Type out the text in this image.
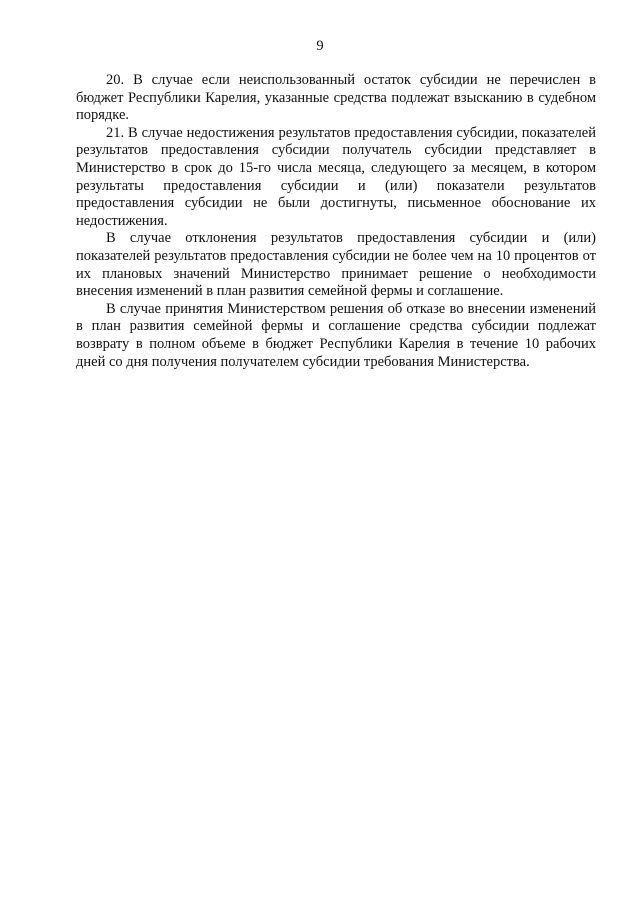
9

20. В случае если неиспользованный остаток субсидии не перечислен в бюджет Республики Карелия, указанные средства подлежат взысканию в судебном порядке.

21. В случае недостижения результатов предоставления субсидии, показателей результатов предоставления субсидии получатель субсидии представляет в Министерство в срок до 15-го числа месяца, следующего за месяцем, в котором результаты предоставления субсидии и (или) показатели результатов предоставления субсидии не были достигнуты, письменное обоснование их недостижения.

В случае отклонения результатов предоставления субсидии и (или) показателей результатов предоставления субсидии не более чем на 10 процентов от их плановых значений Министерство принимает решение о необходимости внесения изменений в план развития семейной фермы и соглашение.

В случае принятия Министерством решения об отказе во внесении изменений в план развития семейной фермы и соглашение средства субсидии подлежат возврату в полном объеме в бюджет Республики Карелия в течение 10 рабочих дней со дня получения получателем субсидии требования Министерства.
